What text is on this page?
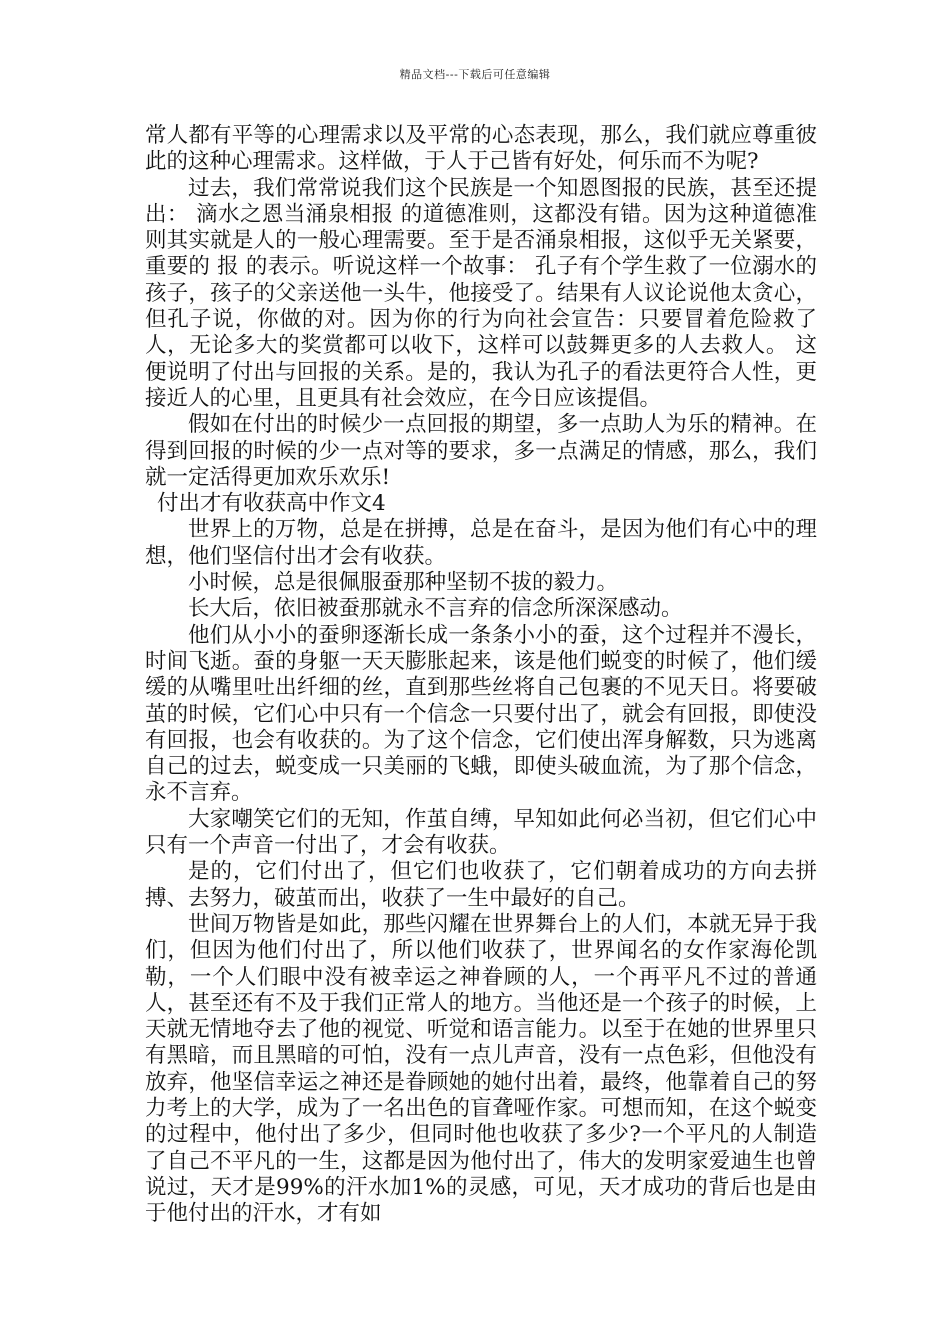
精品文档---下载后可任意编辑

常人都有平等的心理需求以及平常的心态表现，那么，我们就应尊重彼此的这种心理需求。这样做，于人于己皆有好处，何乐而不为呢?

过去，我们常常说我们这个民族是一个知恩图报的民族，甚至还提出： 滴水之恩当涌泉相报 的道德准则，这都没有错。因为这种道德准则其实就是人的一般心理需要。至于是否涌泉相报，这似乎无关紧要，重要的 报 的表示。听说这样一个故事： 孔子有个学生救了一位溺水的孩子，孩子的父亲送他一头牛，他接受了。结果有人议论说他太贪心，但孔子说，你做的对。因为你的行为向社会宣告：只要冒着危险救了人，无论多大的奖赏都可以收下，这样可以鼓舞更多的人去救人。 这便说明了付出与回报的关系。是的，我认为孔子的看法更符合人性，更接近人的心里，且更具有社会效应，在今日应该提倡。

假如在付出的时候少一点回报的期望，多一点助人为乐的精神。在得到回报的时候的少一点对等的要求，多一点满足的情感，那么，我们就一定活得更加欢乐欢乐!

付出才有收获高中作文4

世界上的万物，总是在拼搏，总是在奋斗，是因为他们有心中的理想，他们坚信付出才会有收获。

小时候，总是很佩服蚕那种坚韧不拔的毅力。

长大后，依旧被蚕那就永不言弃的信念所深深感动。

他们从小小的蚕卵逐渐长成一条条小小的蚕，这个过程并不漫长，时间飞逝。蚕的身躯一天天膨胀起来，该是他们蜕变的时候了，他们缓缓的从嘴里吐出纤细的丝，直到那些丝将自己包裹的不见天日。将要破茧的时候，它们心中只有一个信念一只要付出了，就会有回报，即使没有回报，也会有收获的。为了这个信念，它们使出浑身解数，只为逃离自己的过去，蜕变成一只美丽的飞蛾，即使头破血流，为了那个信念，永不言弃。

大家嘲笑它们的无知，作茧自缚，早知如此何必当初，但它们心中只有一个声音一付出了，才会有收获。

是的，它们付出了，但它们也收获了，它们朝着成功的方向去拼搏、去努力，破茧而出，收获了一生中最好的自己。

世间万物皆是如此，那些闪耀在世界舞台上的人们，本就无异于我们，但因为他们付出了，所以他们收获了，世界闻名的女作家海伦凯勒，一个人们眼中没有被幸运之神眷顾的人，一个再平凡不过的普通人，甚至还有不及于我们正常人的地方。当他还是一个孩子的时候，上天就无情地夺去了他的视觉、听觉和语言能力。以至于在她的世界里只有黑暗，而且黑暗的可怕，没有一点儿声音，没有一点色彩，但他没有放弃，他坚信幸运之神还是眷顾她的她付出着，最终，他靠着自己的努力考上的大学，成为了一名出色的盲聋哑作家。可想而知，在这个蜕变的过程中，他付出了多少，但同时他也收获了多少?一个平凡的人制造了自己不平凡的一生，这都是因为他付出了，伟大的发明家爱迪生也曾说过，天才是99%的汗水加1%的灵感，可见，天才成功的背后也是由于他付出的汗水，才有如
